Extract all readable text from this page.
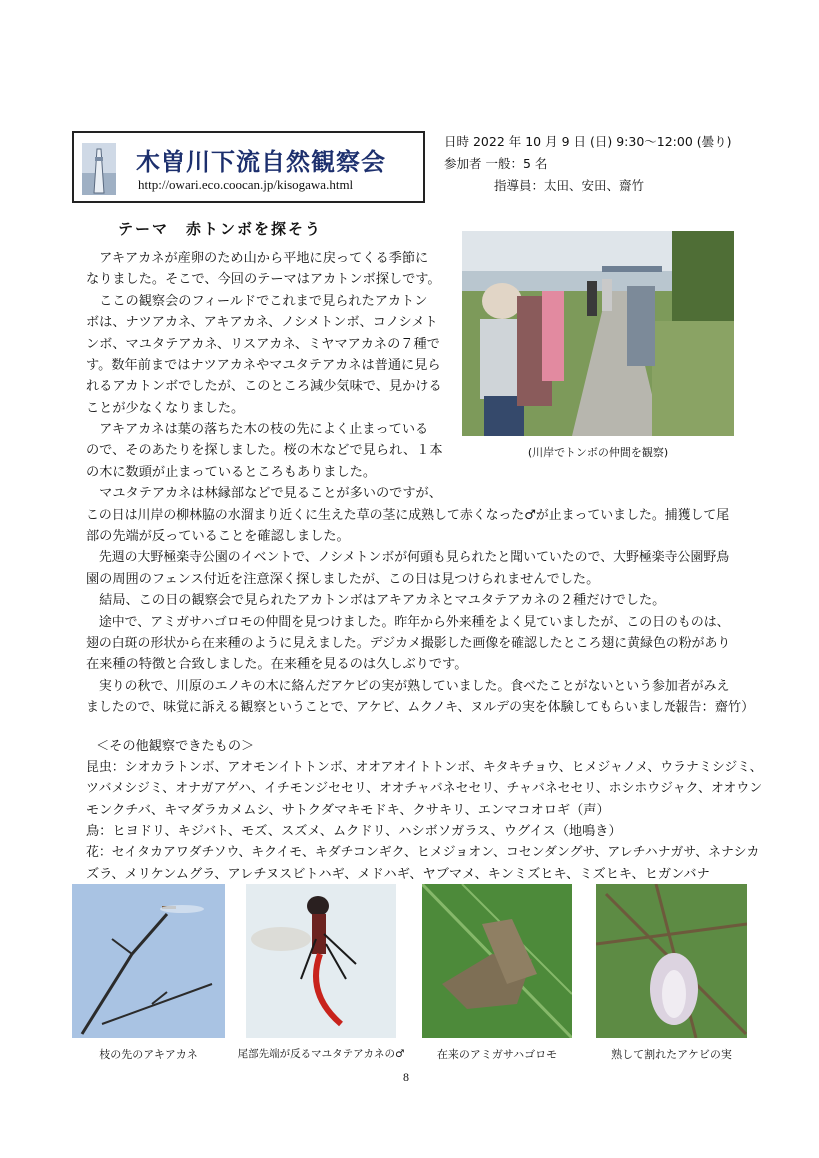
木曽川下流自然観察会
http://owari.eco.coocan.jp/kisogawa.html
日時 2022 年 10 月 9 日 (日) 9:30～12:00 (曇り)
参加者 一般：5 名
指導員：太田、安田、齋竹
テーマ　赤トンボを探そう
(川岸でトンボの仲間を観察)
　アキアカネが産卵のため山から平地に戻ってくる季節に
なりました。そこで、今回のテーマはアカトンボ探しです。
　ここの観察会のフィールドでこれまで見られたアカトン
ボは、ナツアカネ、アキアカネ、ノシメトンボ、コノシメト
ンボ、マユタテアカネ、リスアカネ、ミヤマアカネの７種で
す。数年前まではナツアカネやマユタテアカネは普通に見ら
れるアカトンボでしたが、このところ減少気味で、見かける
ことが少なくなりました。
　アキアカネは葉の落ちた木の枝の先によく止まっている
ので、そのあたりを探しました。桜の木などで見られ、１本
の木に数頭が止まっているところもありました。
　マユタテアカネは林縁部などで見ることが多いのですが、
この日は川岸の柳林脇の水溜まり近くに生えた草の茎に成熟して赤くなった♂が止まっていました。捕獲して尾
部の先端が反っていることを確認しました。
　先週の大野極楽寺公園のイベントで、ノシメトンボが何頭も見られたと聞いていたので、大野極楽寺公園野鳥
園の周囲のフェンス付近を注意深く探しましたが、この日は見つけられませんでした。
　結局、この日の観察会で見られたアカトンボはアキアカネとマユタテアカネの２種だけでした。
　途中で、アミガサハゴロモの仲間を見つけました。昨年から外来種をよく見ていましたが、この日のものは、
翅の白斑の形状から在来種のように見えました。デジカメ撮影した画像を確認したところ翅に黄緑色の粉があり
在来種の特徴と合致しました。在来種を見るのは久しぶりです。
　実りの秋で、川原のエノキの木に絡んだアケビの実が熟していました。食べたことがないという参加者がみえ
ましたので、味覚に訴える観察ということで、アケビ、ムクノキ、ヌルデの実を体験してもらいました。
（報告：齋竹）
＜その他観察できたもの＞
昆虫：シオカラトンボ、アオモンイトトンボ、オオアオイトトンボ、キタキチョウ、ヒメジャノメ、ウラナミシジミ、
ツバメシジミ、オナガアゲハ、イチモンジセセリ、オオチャバネセセリ、チャバネセセリ、ホシホウジャク、オオウン
モンクチバ、キマダラカメムシ、サトクダマキモドキ、クサキリ、エンマコオロギ（声）
鳥：ヒヨドリ、キジバト、モズ、スズメ、ムクドリ、ハシボソガラス、ウグイス（地鳴き）
花：セイタカアワダチソウ、キクイモ、キダチコンギク、ヒメジョオン、コセンダングサ、アレチハナガサ、ネナシカ
ズラ、メリケンムグラ、アレチヌスビトハギ、メドハギ、ヤブマメ、キンミズヒキ、ミズヒキ、ヒガンバナ
枝の先のアキアカネ	尾部先端が反るマユタテアカネの♂	在来のアミガサハゴロモ	熟して割れたアケビの実
8
